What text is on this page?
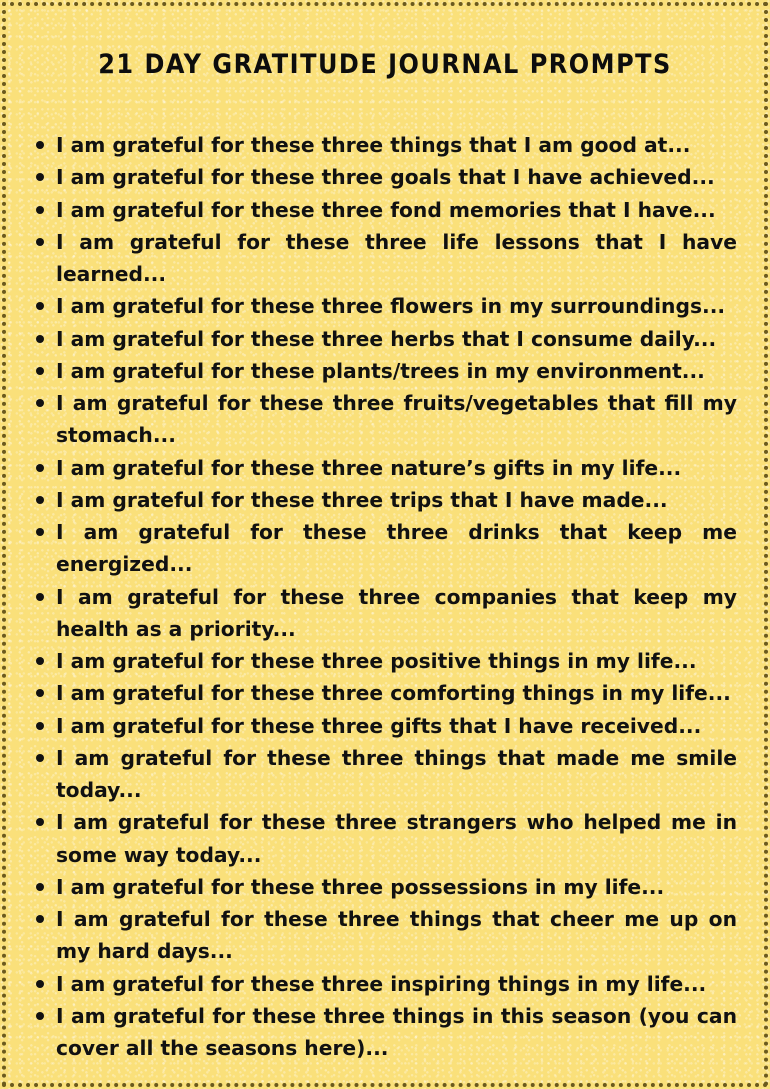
21 DAY GRATITUDE JOURNAL PROMPTS
I am grateful for these three things that I am good at...
I am grateful for these three goals that I have achieved...
I am grateful for these three fond memories that I have...
I am grateful for these three life lessons that I have learned...
I am grateful for these three flowers in my surroundings...
I am grateful for these three herbs that I consume daily...
I am grateful for these plants/trees in my environment...
I am grateful for these three fruits/vegetables that fill my stomach...
I am grateful for these three nature’s gifts in my life...
I am grateful for these three trips that I have made...
I am grateful for these three drinks that keep me energized...
I am grateful for these three companies that keep my health as a priority...
I am grateful for these three positive things in my life...
I am grateful for these three comforting things in my life...
I am grateful for these three gifts that I have received...
I am grateful for these three things that made me smile today...
I am grateful for these three strangers who helped me in some way today...
I am grateful for these three possessions in my life...
I am grateful for these three things that cheer me up on my hard days...
I am grateful for these three inspiring things in my life...
I am grateful for these three things in this season (you can cover all the seasons here)...
